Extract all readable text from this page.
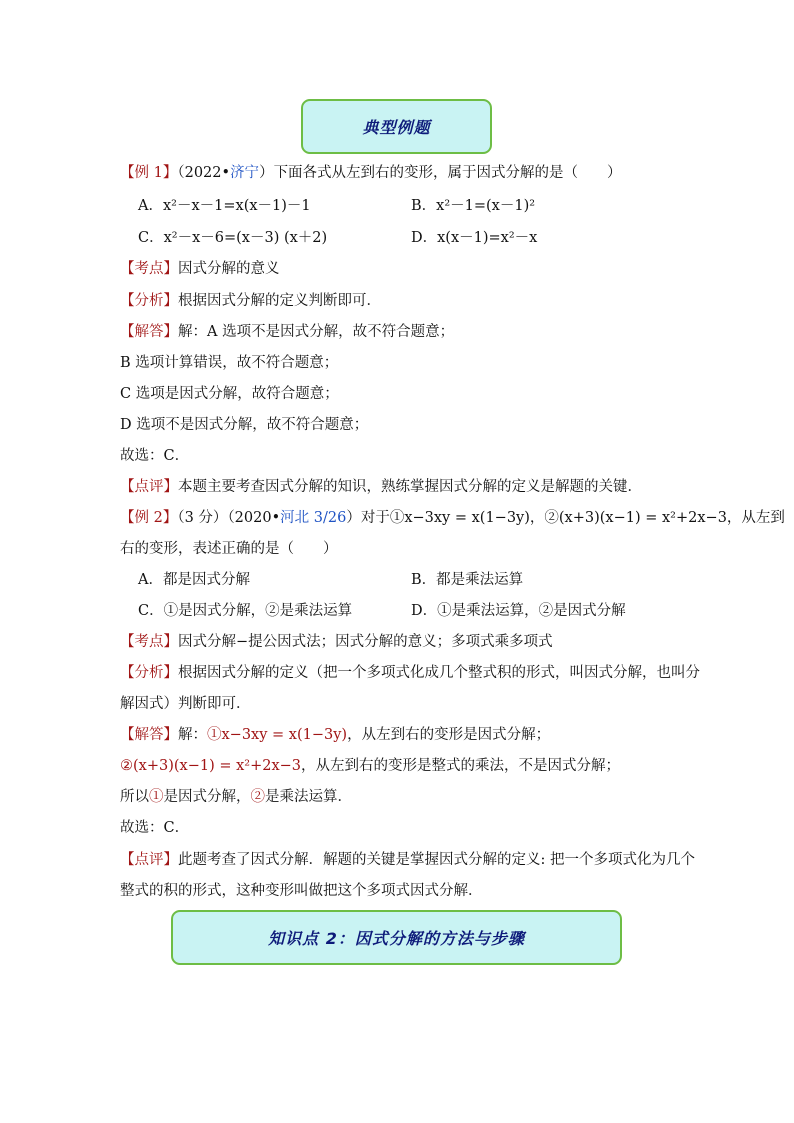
典型例题
【例 1】（2022•济宁）下面各式从左到右的变形，属于因式分解的是（　　）
A．x²－x－1=x(x－1)－1	B．x²－1=(x－1)²
C．x²－x－6=(x－3) (x＋2)	D．x(x－1)=x²－x
【考点】因式分解的意义
【分析】根据因式分解的定义判断即可．
【解答】解：A 选项不是因式分解，故不符合题意；
B 选项计算错误，故不符合题意；
C 选项是因式分解，故符合题意；
D 选项不是因式分解，故不符合题意；
故选：C．
【点评】本题主要考查因式分解的知识，熟练掌握因式分解的定义是解题的关键．
【例 2】（3 分）（2020•河北 3/26）对于①x−3xy = x(1−3y)，②(x+3)(x−1) = x²+2x−3，从左到
右的变形，表述正确的是（　　）
A．都是因式分解	B．都是乘法运算
C．①是因式分解，②是乘法运算	D．①是乘法运算，②是因式分解
【考点】因式分解−提公因式法；因式分解的意义；多项式乘多项式
【分析】根据因式分解的定义（把一个多项式化成几个整式积的形式，叫因式分解，也叫分
解因式）判断即可．
【解答】解：①x−3xy = x(1−3y)，从左到右的变形是因式分解；
②(x+3)(x−1) = x²+2x−3，从左到右的变形是整式的乘法，不是因式分解；
所以①是因式分解，②是乘法运算．
故选：C．
【点评】此题考查了因式分解．解题的关键是掌握因式分解的定义: 把一个多项式化为几个
整式的积的形式，这种变形叫做把这个多项式因式分解．
知识点 2：因式分解的方法与步骤
